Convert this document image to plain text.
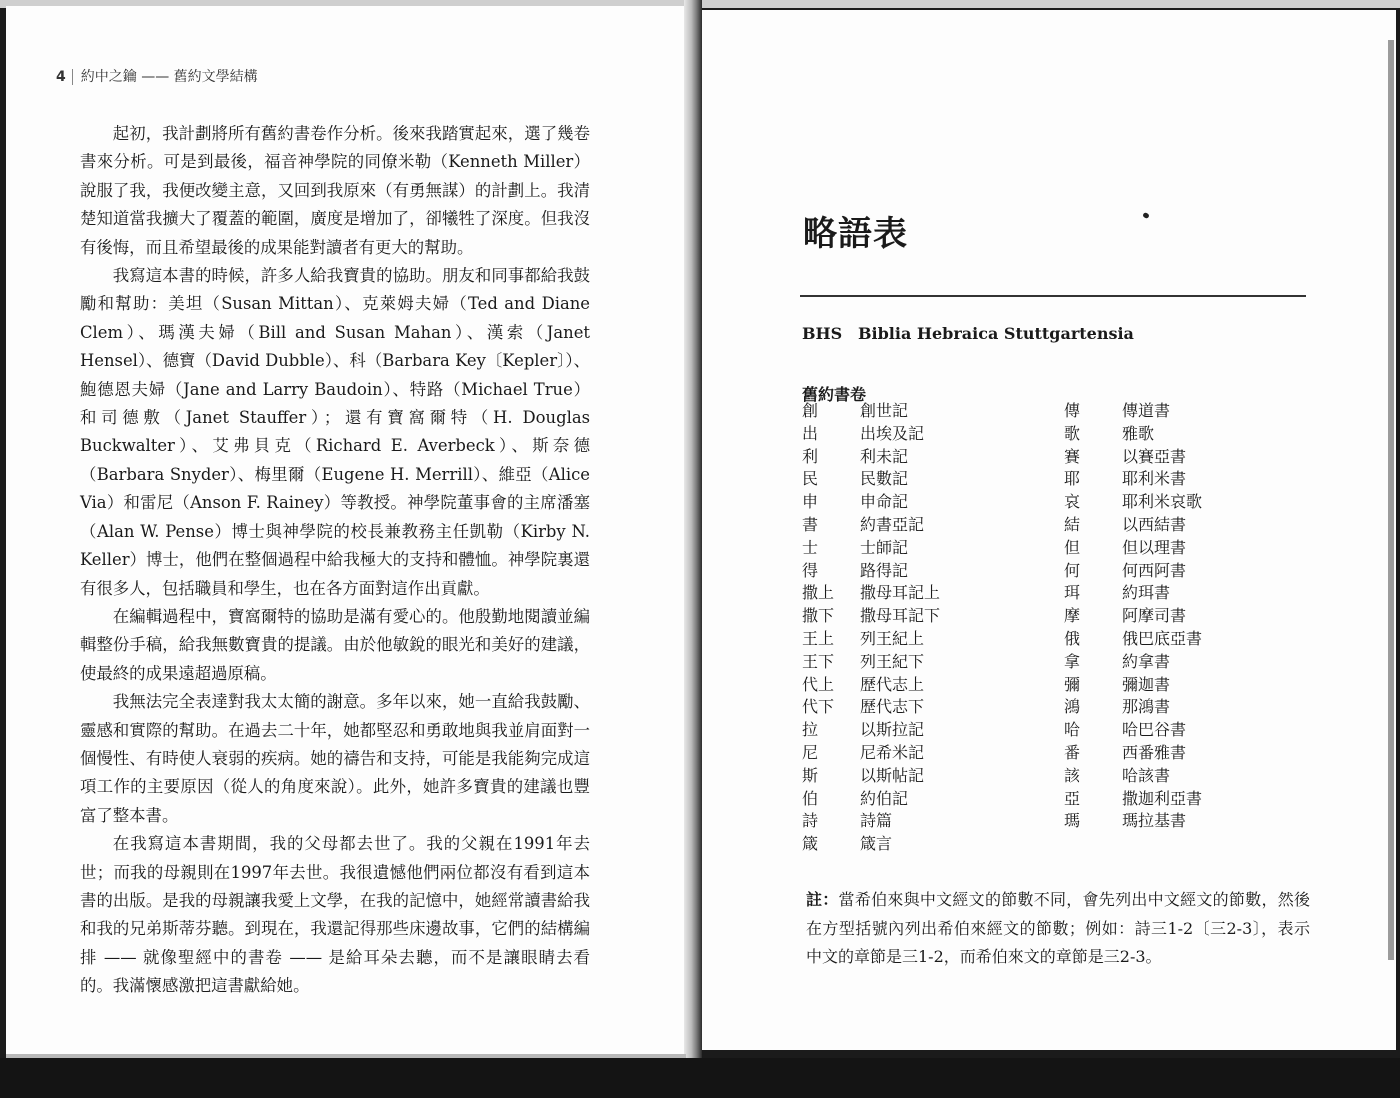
4 約中之鑰 —— 舊約文學結構

起初，我計劃將所有舊約書卷作分析。後來我踏實起來，選了幾卷書來分析。可是到最後，福音神學院的同僚米勒（Kenneth Miller）說服了我，我便改變主意，又回到我原來（有勇無謀）的計劃上。我清楚知道當我擴大了覆蓋的範圍，廣度是增加了，卻犧牲了深度。但我沒有後悔，而且希望最後的成果能對讀者有更大的幫助。

我寫這本書的時候，許多人給我寶貴的協助。朋友和同事都給我鼓勵和幫助：美坦（Susan Mittan）、克萊姆夫婦（Ted and Diane Clem）、瑪漢夫婦（Bill and Susan Mahan）、漢索（Janet Hensel）、德寶（David Dubble）、科（Barbara Key〔Kepler〕）、鮑德恩夫婦（Jane and Larry Baudoin）、特路（Michael True）和司德敷（Janet Stauffer）；還有寶窩爾特（H. Douglas Buckwalter）、艾弗貝克（Richard E. Averbeck）、斯奈德（Barbara Snyder）、梅里爾（Eugene H. Merrill）、維亞（Alice Via）和雷尼（Anson F. Rainey）等教授。神學院董事會的主席潘塞（Alan W. Pense）博士與神學院的校長兼教務主任凱勒（Kirby N. Keller）博士，他們在整個過程中給我極大的支持和體恤。神學院裏還有很多人，包括職員和學生，也在各方面對這作出貢獻。

在編輯過程中，寶窩爾特的協助是滿有愛心的。他殷勤地閱讀並編輯整份手稿，給我無數寶貴的提議。由於他敏銳的眼光和美好的建議，使最終的成果遠超過原稿。

我無法完全表達對我太太簡的謝意。多年以來，她一直給我鼓勵、靈感和實際的幫助。在過去二十年，她都堅忍和勇敢地與我並肩面對一個慢性、有時使人衰弱的疾病。她的禱告和支持，可能是我能夠完成這項工作的主要原因（從人的角度來說）。此外，她許多寶貴的建議也豐富了整本書。

在我寫這本書期間，我的父母都去世了。我的父親在1991年去世；而我的母親則在1997年去世。我很遺憾他們兩位都沒有看到這本書的出版。是我的母親讓我愛上文學，在我的記憶中，她經常讀書給我和我的兄弟斯蒂芬聽。到現在，我還記得那些床邊故事，它們的結構編排 —— 就像聖經中的書卷 —— 是給耳朵去聽，而不是讓眼睛去看的。我滿懷感激把這書獻給她。

略語表
BHS Biblia Hebraica Stuttgartensia
舊約書卷
創	創世記
出	出埃及記
利	利未記
民	民數記
申	申命記
書	約書亞記
士	士師記
得	路得記
撒上 撒母耳記上
撒下 撒母耳記下
王上 列王紀上
王下 列王紀下
代上 歷代志上
代下 歷代志下
拉	以斯拉記
尼	尼希米記
斯	以斯帖記
伯	約伯記
詩	詩篇
箴	箴言
傳	傳道書
歌	雅歌
賽	以賽亞書
耶	耶利米書
哀	耶利米哀歌
結	以西結書
但	但以理書
何	何西阿書
珥	約珥書
摩	阿摩司書
俄	俄巴底亞書
拿	約拿書
彌	彌迦書
鴻	那鴻書
哈	哈巴谷書
番	西番雅書
該	哈該書
亞	撒迦利亞書
瑪	瑪拉基書
註：當希伯來與中文經文的節數不同，會先列出中文經文的節數，然後在方型括號內列出希伯來經文的節數；例如：詩三1-2〔三2-3〕，表示中文的章節是三1-2，而希伯來文的章節是三2-3。
